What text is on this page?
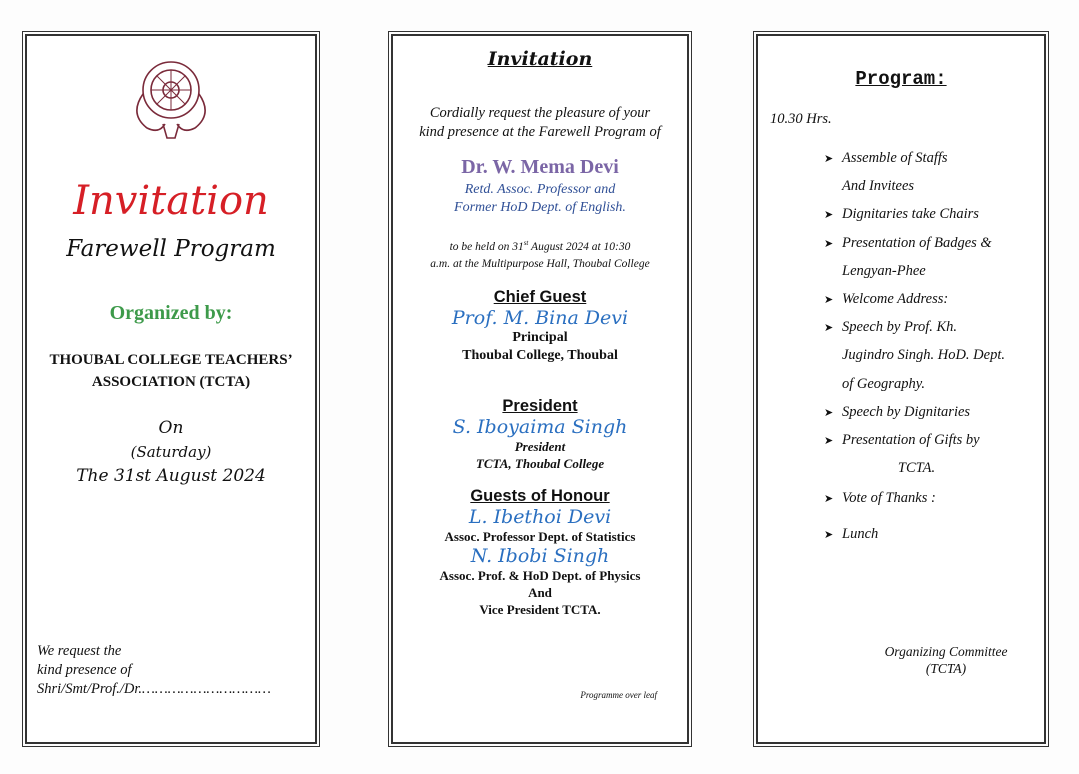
Invitation
Farewell Program
Organized by:
THOUBAL COLLEGE TEACHERS’
ASSOCIATION (TCTA)
On
(Saturday)
The 31st August 2024
We request the
kind presence of
Shri/Smt/Prof./Dr.…………………………
Invitation
Cordially request the pleasure of your
kind presence at the Farewell Program of
Dr. W. Mema Devi
Retd. Assoc. Professor and
Former HoD Dept. of English.
to be held on 31st August 2024 at 10:30
a.m. at the Multipurpose Hall, Thoubal College
Chief Guest
Prof. M. Bina Devi
Principal
Thoubal College, Thoubal
President
S. Iboyaima Singh
President
TCTA, Thoubal College
Guests of Honour
L. Ibethoi Devi
Assoc. Professor Dept. of Statistics
N. Ibobi Singh
Assoc. Prof. & HoD Dept. of Physics
And
Vice President TCTA.
Programme over leaf
Program:
10.30 Hrs.
➤ Assemble of Staffs
And Invitees
➤ Dignitaries take Chairs
➤ Presentation of Badges &
Lengyan-Phee
➤ Welcome Address:
➤ Speech by Prof. Kh.
Jugindro Singh. HoD. Dept.
of Geography.
➤ Speech by Dignitaries
➤ Presentation of Gifts by
TCTA.
➤ Vote of Thanks :
➤ Lunch
Organizing Committee
(TCTA)
